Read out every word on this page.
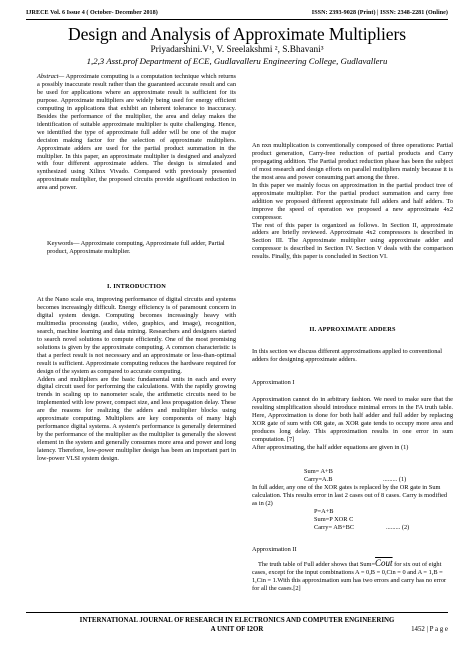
IJRECE Vol. 6 Issue 4 ( October- December 2018)	ISSN: 2393-9028 (Print) | ISSN: 2348-2281 (Online)
Design and Analysis of Approximate Multipliers
Priyadarshini.V¹, V. Sreelakshmi ², S.Bhavani³
1,2,3 Asst.prof Department of ECE, Gudlavalleru Engineering College, Gudlavalleru

Abstract— Approximate computing is a computation technique which returns a possibly inaccurate result rather than the guaranteed accurate result and can be used for applications where an approximate result is sufficient for its purpose. Approximate multipliers are widely being used for energy efficient computing in applications that exhibit an inherent tolerance to inaccuracy. Besides the performance of the multiplier, the area and delay makes the identification of suitable approximate multiplier is quite challenging. Hence, we identified the type of approximate full adder will be one of the major decision making factor for the selection of approximate multipliers. Approximate adders are used for the partial product summation in the multiplier. In this paper, an approximate multiplier is designed and analyzed with four different approximate adders. The design is simulated and synthesized using Xilinx Vivado. Compared with previously presented approximate multiplier, the proposed circuits provide significant reduction in area and power.

Keywords— Approximate computing, Approximate full adder, Partial product, Approximate multiplier.
I. INTRODUCTION

At the Nano scale era, improving performance of digital circuits and systems becomes increasingly difficult. Energy efficiency is of paramount concern in digital system design. Computing becomes increasingly heavy with multimedia processing (audio, video, graphics, and image), recognition, search, machine learning and data mining. Researchers and designers started to search novel solutions to compute efficiently. One of the most promising solutions is given by the approximate computing. A common characteristic is that a perfect result is not necessary and an approximate or less-than-optimal result is sufficient. Approximate computing reduces the hardware required for design of the system as compared to accurate computing.

Adders and multipliers are the basic fundamental units in each and every digital circuit used for performing the calculations. With the rapidly growing trends in scaling up to nanometer scale, the arithmetic circuits need to be implemented with low power, compact size, and less propagation delay. These are the reasons for realizing the adders and multiplier blocks using approximate computing. Multipliers are key components of many high performance digital systems. A system's performance is generally determined by the performance of the multiplier as the multiplier is generally the slowest element in the system and generally consumes more area and power and long latency. Therefore, low-power multiplier design has been an important part in low-power VLSI system design.

An nxn multiplication is conventionally composed of three operations: Partial product generation, Carry-free reduction of partial products and Carry propagating addition. The Partial product reduction phase has been the subject of most research and design efforts on parallel multipliers mainly because it is the most area and power consuming part among the three.

In this paper we mainly focus on approximation in the partial product tree of approximate multiplier. For the partial product summation and carry free addition we proposed different approximate full adders and half adders. To improve the speed of operation we proposed a new approximate 4x2 compressor.

The rest of this paper is organized as follows. In Section II, approximate adders are briefly reviewed. Approximate 4x2 compressors is described in Section III. The Approximate multiplier using approximate adder and compressor is described in Section IV. Section V deals with the comparison results. Finally, this paper is concluded in Section VI.

II. APPROXIMATE ADDERS
In this section we discuss different approximations applied to conventional adders for designing approximate adders.
Approximation I

Approximation cannot do in arbitrary fashion. We need to make sure that the resulting simplification should introduce minimal errors in the FA truth table. Here, Approximation is done for both half adder and full adder by replacing XOR gate of sum with OR gate, as XOR gate tends to occupy more area and produces long delay. This approximation results in one error in sum computation. [7]

After approximating, the half adder equations are given in (1)

Sum= A+B
Carry=A.B	......... (1)
In full adder, any one of the XOR gates is replaced by the OR gate in Sum calculation. This results error in last 2 cases out of 8 cases. Carry is modified as in (2)
P=A+B
Sum=P XOR C
Carry= AB+BC	......... (2)
Approximation II
The truth table of Full adder shows that Sum=Cout for six out of eight cases, except for the input combinations A = 0,B = 0,Cin = 0 and A = 1,B = 1,Cin = 1.With this approximation sum has two errors and carry has no error for all the cases.[2]
INTERNATIONAL JOURNAL OF RESEARCH IN ELECTRONICS AND COMPUTER ENGINEERING
A UNIT OF I2OR	1452 | P a g e
